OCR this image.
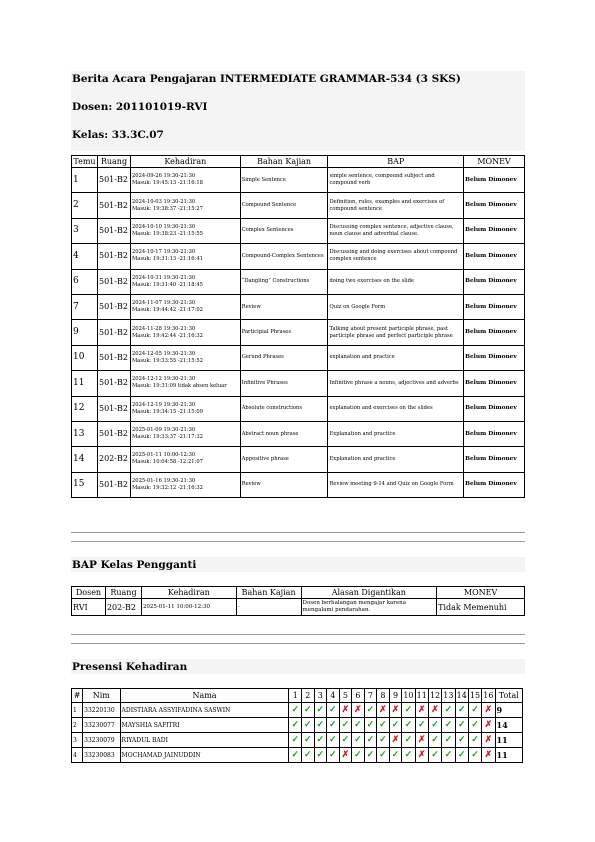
Berita Acara Pengajaran INTERMEDIATE GRAMMAR-534 (3 SKS)
Dosen: 201101019-RVI
Kelas: 33.3C.07
Temu	Ruang	Kehadiran	Bahan Kajian	BAP	MONEV
1	501-B2	2024-09-26 19:30-21:30
Masuk: 19:45:13 -21:16:18	Simple Sentence	simple sentence, compound subject and compound verb	Belum Dimonev
2	501-B2	2024-10-03 19:30-21:30
Masuk: 19:38:37 -21:15:27	Compound Sentence	Definition, rules, examples and exercises of compound sentence	Belum Dimonev
3	501-B2	2024-10-10 19:30-21:30
Masuk: 19:38:23 -21:15:55	Complex Sentences	Discussing complex sentence, adjective clause, noun clause and adverbial clause.	Belum Dimonev
4	501-B2	2024-10-17 19:30-21:30
Masuk: 19:31:13 -21:16:41	Compound-Complex Sentences	Discussing and doing exercises about compound complex sentence	Belum Dimonev
6	501-B2	2024-10-31 19:30-21:30
Masuk: 19:31:40 -21:18:45	“Dangling” Constructions	doing two exercises on the slide	Belum Dimonev
7	501-B2	2024-11-07 19:30-21:30
Masuk: 19:44:42 -21:17:02	Review	Quiz on Google Form	Belum Dimonev
9	501-B2	2024-11-28 19:30-21:30
Masuk: 19:42:44 -21:16:32	Participial Phrases	Talking about present participle phrase, past participle phrase and perfect participle phrase	Belum Dimonev
10	501-B2	2024-12-05 19:30-21:30
Masuk: 19:33:55 -21:15:52	Gerund Phrases	explanation and practice	Belum Dimonev
11	501-B2	2024-12-12 19:30-21:30
Masuk: 19:31:09 tidak absen keluar	Infinitive Phrases	Infinitive phrase a nouns, adjectives and adverbs	Belum Dimonev
12	501-B2	2024-12-19 19:30-21:30
Masuk: 19:34:15 -21:15:09	Absolute constructions	explanation and exercises on the slides	Belum Dimonev
13	501-B2	2025-01-09 19:30-21:30
Masuk: 19:33:37 -21:17:32	Abstract noun phrase	Explanation and practice	Belum Dimonev
14	202-B2	2025-01-11 10:00-12:30
Masuk: 10:04:58 -12:21:07	Appositive phrase	Explanation and practice	Belum Dimonev
15	501-B2	2025-01-16 19:30-21:30
Masuk: 19:32:12 -21:16:32	Review	Review meeting 9-14 and Quiz on Google Form	Belum Dimonev
BAP Kelas Pengganti
Dosen	Ruang	Kehadiran	Bahan Kajian	Alasan Digantikan	MONEV
RVI	202-B2	2025-01-11 10:00-12:30	-	Dosen berhalangan mengajar karena mengalami pendarahan.	Tidak Memenuhi
Presensi Kehadiran
#	Nim	Nama	1	2	3	4	5	6	7	8	9	10	11	12	13	14	15	16	Total
1	33220130	ADISTIARA ASSYIFADINA SASWIN	✓	✓	✓	✓	✗	✗	✓	✗	✗	✓	✗	✗	✓	✓	✓	✗	9
2	33230077	MAYSHIA SAFITRI	✓	✓	✓	✓	✓	✓	✓	✓	✓	✓	✓	✓	✓	✓	✓	✗	14
3	33230079	RIYADUL BADI	✓	✓	✓	✓	✓	✓	✓	✓	✗	✓	✗	✓	✓	✓	✓	✗	11
4	33230083	MOCHAMAD JAINUDDIN	✓	✓	✓	✓	✗	✓	✓	✓	✓	✓	✗	✓	✓	✓	✓	✗	11
